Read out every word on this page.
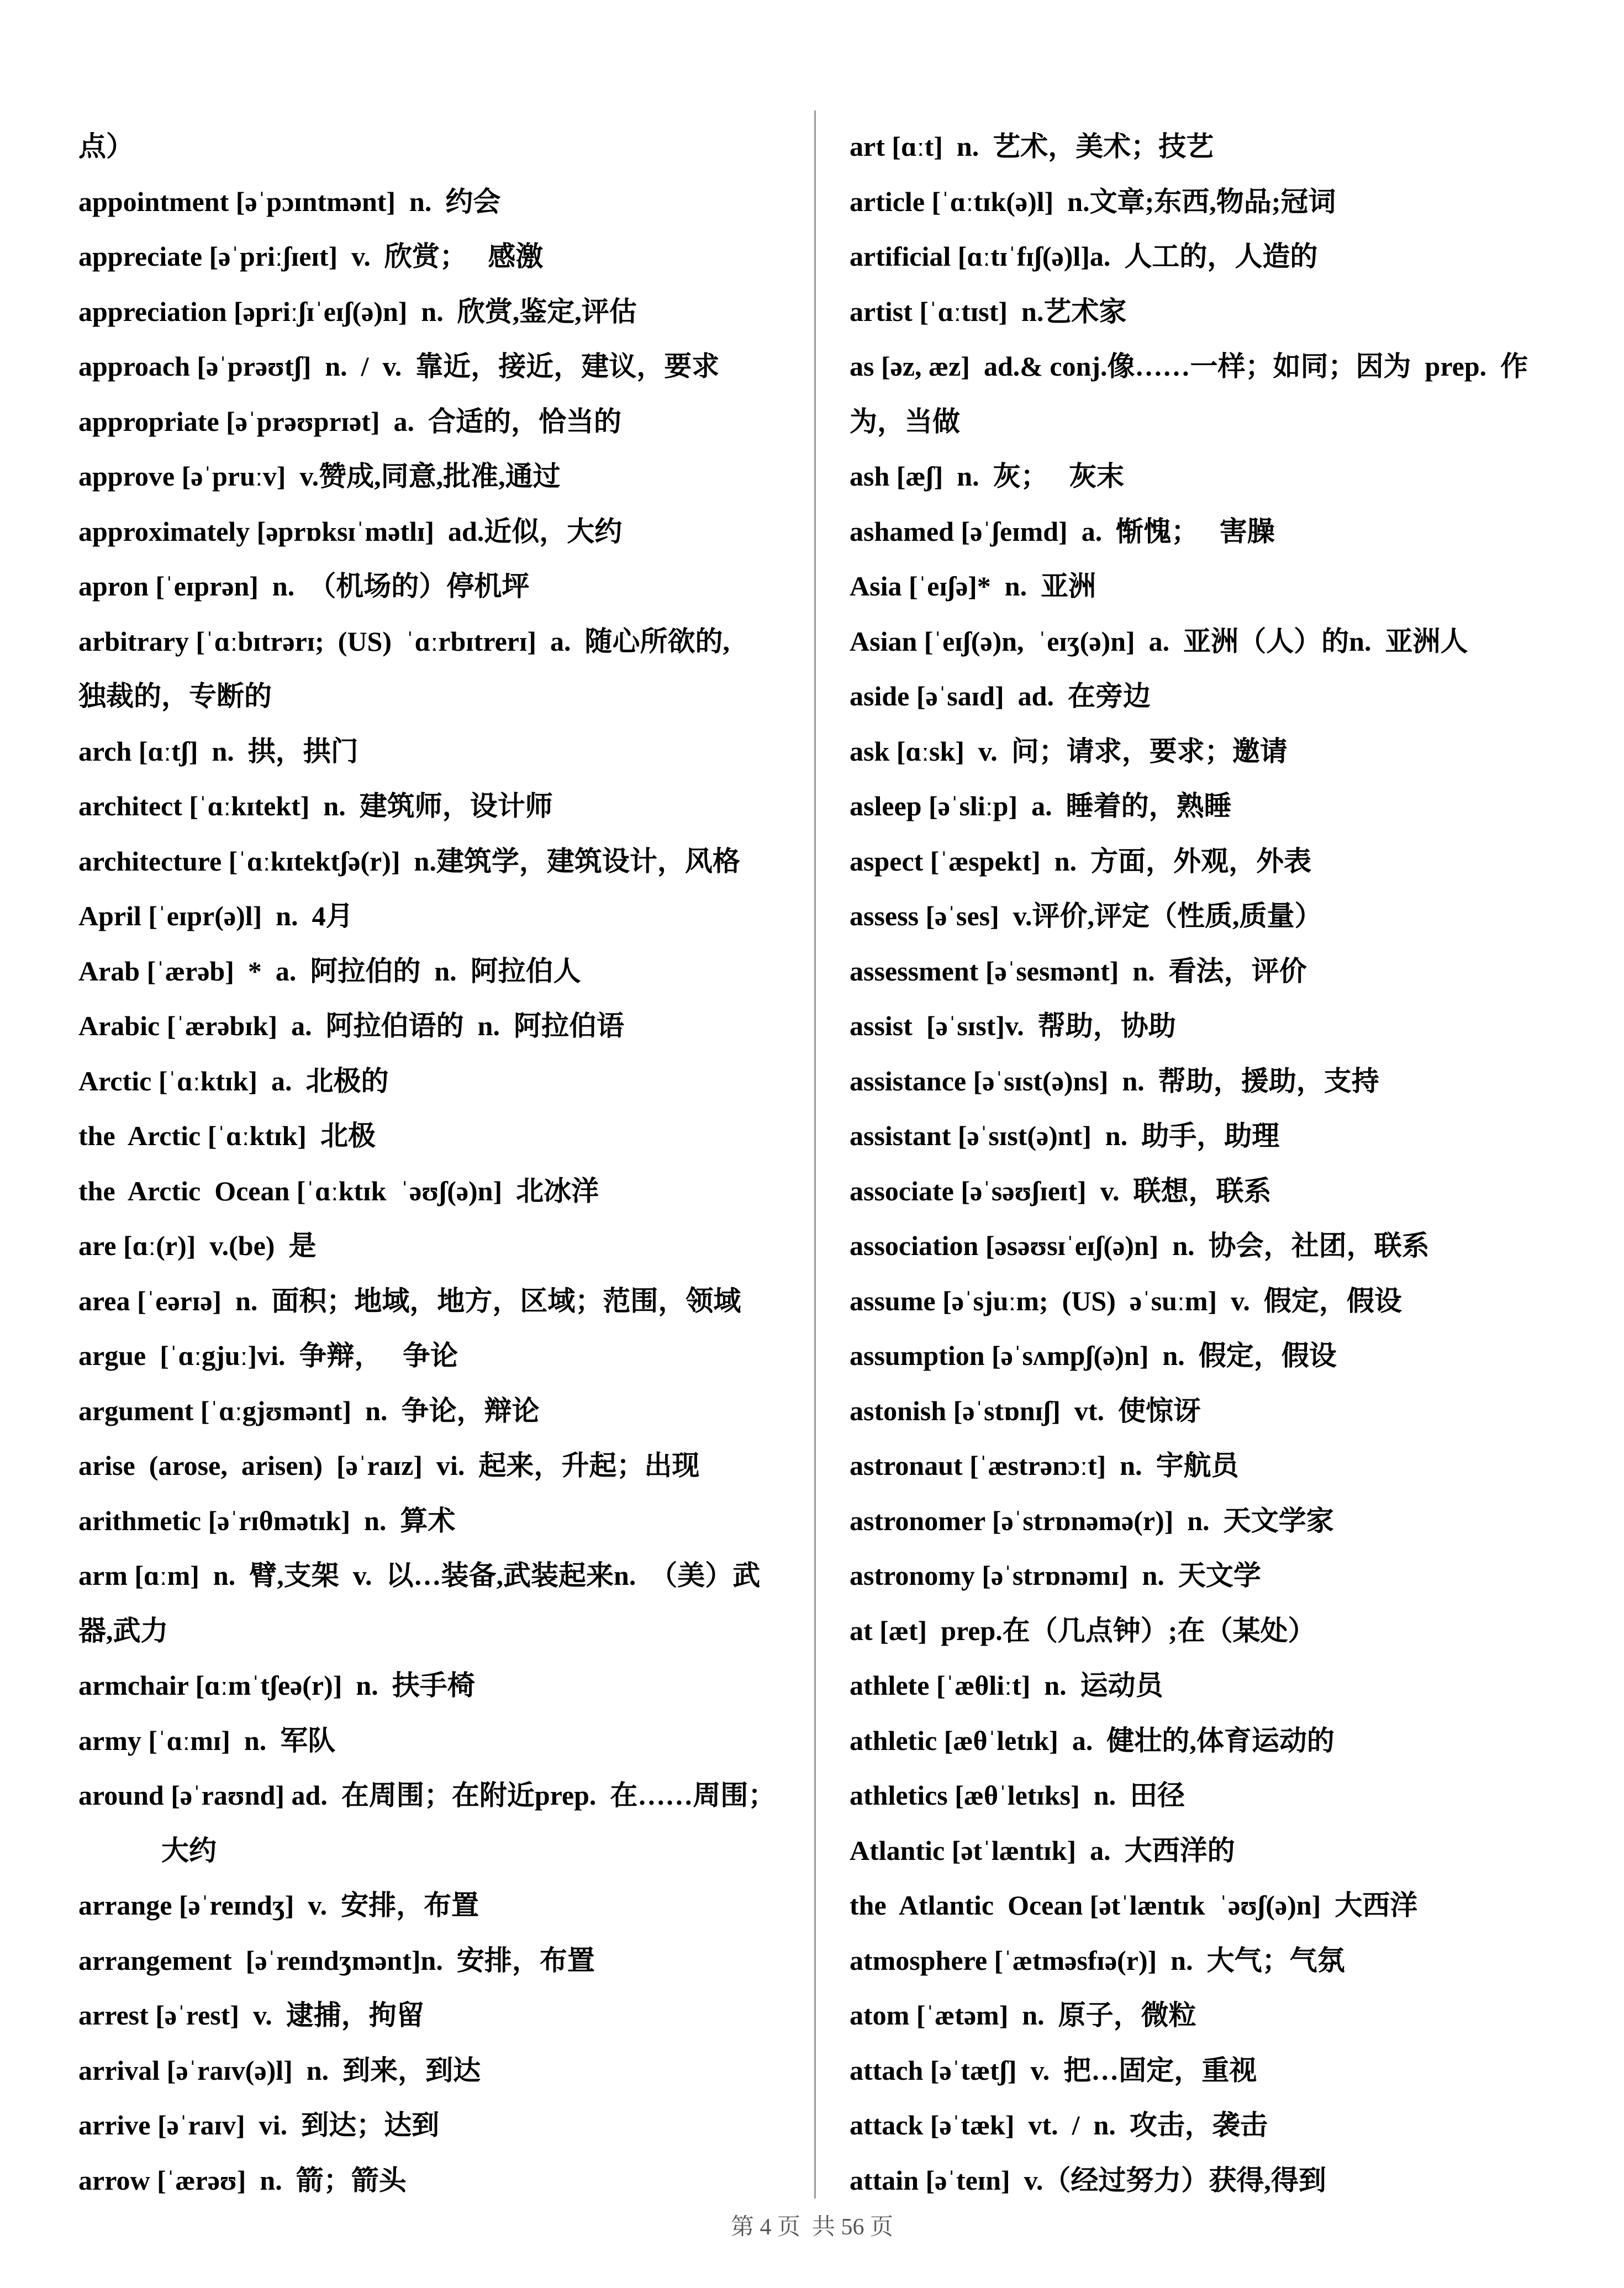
点）
appointment [əˈpɔɪntmənt]  n.  约会
appreciate [əˈpriːʃɪeɪt]  v.  欣赏；   感激
appreciation [əpriːʃɪˈeɪʃ(ə)n]  n.  欣赏,鉴定,评估
approach [əˈprəʊtʃ]  n.  /  v.  靠近，接近，建议，要求
appropriate [əˈprəʊprɪət]  a.  合适的，恰当的
approve [əˈpruːv]  v.赞成,同意,批准,通过
approximately [əprɒksɪˈmətlɪ]  ad.近似，大约
apron [ˈeɪprən]  n.  （机场的）停机坪
arbitrary [ˈɑːbɪtrərɪ;  (US)  ˈɑːrbɪtrerɪ]  a.  随心所欲的,
独裁的，专断的
arch [ɑːtʃ]  n.  拱，拱门
architect [ˈɑːkɪtekt]  n.  建筑师，设计师
architecture [ˈɑːkɪtektʃə(r)]  n.建筑学，建筑设计，风格
April [ˈeɪpr(ə)l]  n.  4月
Arab [ˈærəb]  *  a.  阿拉伯的  n.  阿拉伯人
Arabic [ˈærəbɪk]  a.  阿拉伯语的  n.  阿拉伯语
Arctic [ˈɑːktɪk]  a.  北极的
the  Arctic [ˈɑːktɪk]  北极
the  Arctic  Ocean [ˈɑːktɪk  ˈəʊʃ(ə)n]  北冰洋
are [ɑː(r)]  v.(be)  是
area [ˈeərɪə]  n.  面积；地域，地方，区域；范围，领域
argue  [ˈɑːgjuː]vi.  争辩，   争论
argument [ˈɑːgjʊmənt]  n.  争论，辩论
arise  (arose,  arisen)  [əˈraɪz]  vi.  起来，升起；出现
arithmetic [əˈrɪθmətɪk]  n.  算术
arm [ɑːm]  n.  臂,支架  v.  以…装备,武装起来n.  （美）武
器,武力
armchair [ɑːmˈtʃeə(r)]  n.  扶手椅
army [ˈɑːmɪ]  n.  军队
around [əˈraʊnd] ad.  在周围；在附近prep.  在……周围；
大约
arrange [əˈreɪndʒ]  v.  安排，布置
arrangement  [əˈreɪndʒmənt]n.  安排，布置
arrest [əˈrest]  v.  逮捕，拘留
arrival [əˈraɪv(ə)l]  n.  到来，到达
arrive [əˈraɪv]  vi.  到达；达到
arrow [ˈærəʊ]  n.  箭；箭头
art [ɑːt]  n.  艺术，美术；技艺
article [ˈɑːtɪk(ə)l]  n.文章;东西,物品;冠词
artificial [ɑːtɪˈfɪʃ(ə)l]a.  人工的，人造的
artist [ˈɑːtɪst]  n.艺术家
as [əz, æz]  ad.& conj.像……一样；如同；因为  prep.  作
为，当做
ash [æʃ]  n.  灰；   灰末
ashamed [əˈʃeɪmd]  a.  惭愧；   害臊
Asia [ˈeɪʃə]*  n.  亚洲
Asian [ˈeɪʃ(ə)n,  ˈeɪʒ(ə)n]  a.  亚洲（人）的n.  亚洲人
aside [əˈsaɪd]  ad.  在旁边
ask [ɑːsk]  v.  问；请求，要求；邀请
asleep [əˈsliːp]  a.  睡着的，熟睡
aspect [ˈæspekt]  n.  方面，外观，外表
assess [əˈses]  v.评价,评定（性质,质量）
assessment [əˈsesmənt]  n.  看法，评价
assist  [əˈsɪst]v.  帮助，协助
assistance [əˈsɪst(ə)ns]  n.  帮助，援助，支持
assistant [əˈsɪst(ə)nt]  n.  助手，助理
associate [əˈsəʊʃɪeɪt]  v.  联想，联系
association [əsəʊsɪˈeɪʃ(ə)n]  n.  协会，社团，联系
assume [əˈsjuːm;  (US)  əˈsuːm]  v.  假定，假设
assumption [əˈsʌmpʃ(ə)n]  n.  假定，假设
astonish [əˈstɒnɪʃ]  vt.  使惊讶
astronaut [ˈæstrənɔːt]  n.  宇航员
astronomer [əˈstrɒnəmə(r)]  n.  天文学家
astronomy [əˈstrɒnəmɪ]  n.  天文学
at [æt]  prep.在（几点钟）;在（某处）
athlete [ˈæθliːt]  n.  运动员
athletic [æθˈletɪk]  a.  健壮的,体育运动的
athletics [æθˈletɪks]  n.  田径
Atlantic [ətˈlæntɪk]  a.  大西洋的
the  Atlantic  Ocean [ətˈlæntɪk  ˈəʊʃ(ə)n]  大西洋
atmosphere [ˈætməsfɪə(r)]  n.  大气；气氛
atom [ˈætəm]  n.  原子，微粒
attach [əˈtætʃ]  v.  把…固定，重视
attack [əˈtæk]  vt.  /  n.  攻击，袭击
attain [əˈteɪn]  v.（经过努力）获得,得到
第 4 页  共 56 页
